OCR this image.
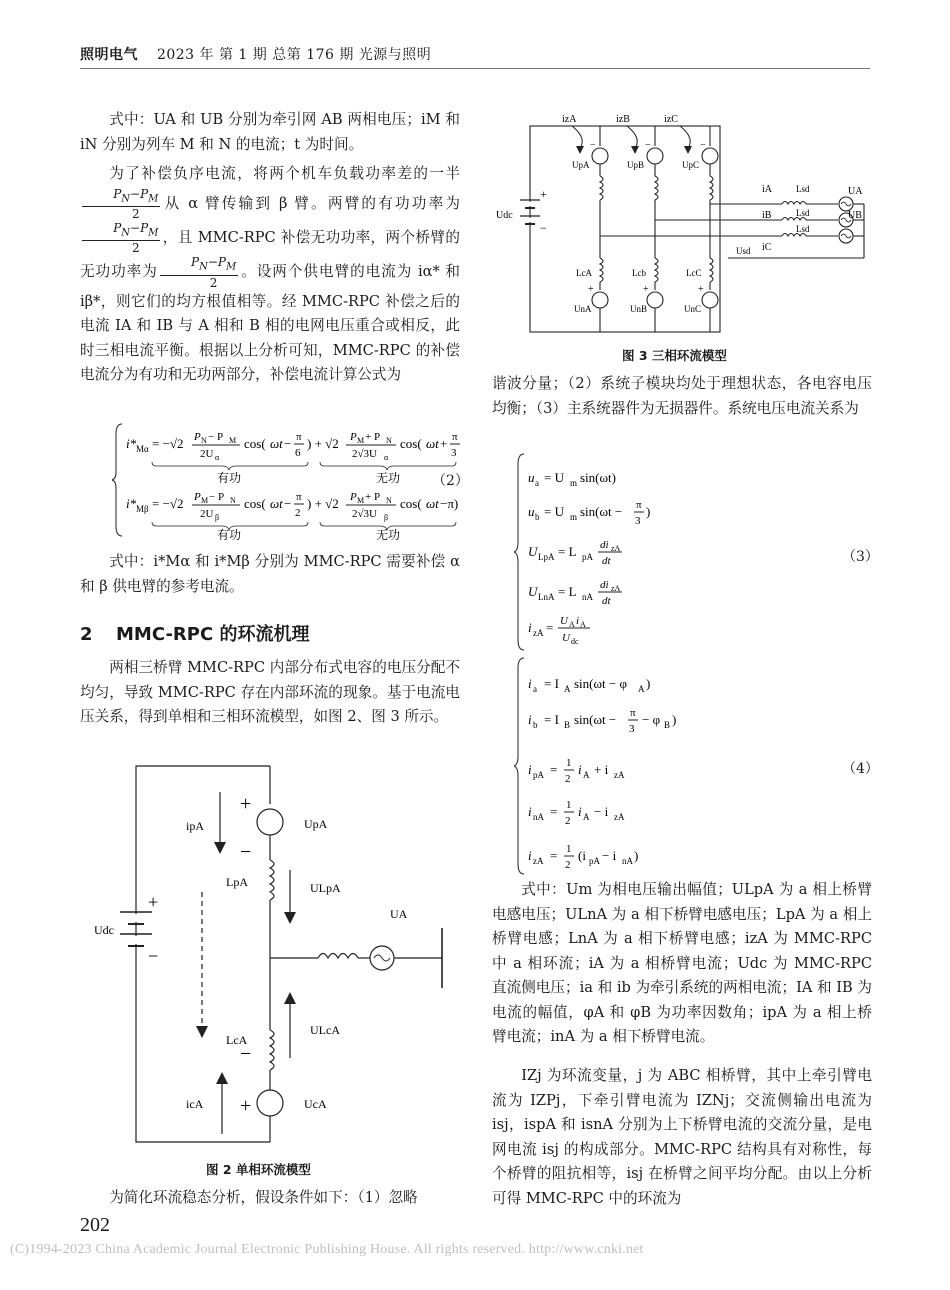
照明电气 2023 年 第 1 期 总第 176 期 光源与照明

式中：UA 和 UB 分别为牵引网 AB 两相电压；iM 和 iN 分别为列车 M 和 N 的电流；t 为时间。

为了补偿负序电流，将两个机车负载功率差的一半
$\frac{P_N-P_M}{2}$ 从 α 臂传输到 β 臂。两臂的有功功率为
$\frac{P_N-P_M}{2}$ ，且 MMC-RPC 补偿无功功率，两个桥臂的无功功率为 $\frac{P_N-P_M}{2}$ 。设两个供电臂的电流为 iα* 和 iβ*，则它们的均方根值相等。经 MMC-RPC 补偿之后的电流 IA 和 IB 与 A 相和 B 相的电网电压重合或相反，此时三相电流平衡。根据以上分析可知，MMC-RPC 的补偿电流分为有功和无功两部分，补偿电流计算公式为

i* Mα = −√2 P N − P M
2U α
cos( ωt − π
6
) + √2 P M + P N
2√3U α
cos( ωt + π
3
有功	无功
i* Mβ = −√2 P M − P N
2U β
cos( ωt − π
2
) + √2 P M + P N
2√3U β
cos( ωt −π)
有功	无功
（2）

式中：i*Mα 和 i*Mβ 分别为 MMC-RPC 需要补偿 α 和 β 供电臂的参考电流。

2 MMC-RPC 的环流机理

两相三桥臂 MMC-RPC 内部分布式电容的电压分配不均匀，导致 MMC-RPC 存在内部环流的现象。基于电流电压关系，得到单相和三相环流模型，如图 2、图 3 所示。

+
−
Udc
UA
+
−
UpA
ipA
ULpA
LpA
ULcA
LcA
−
+
icA	UcA
图 2 单相环流模型

为简化环流稳态分析，假设条件如下：（1）忽略

izA	izB	izC
+
−
Udc
UpA	UpB	UpC
−	−	−
iA
iB
iC
Lsd
Lsd
Lsd
UA
UB
Usd
LcA	Lcb	LcC
+	+	+
UnA	UnB	UnC
图 3 三相环流模型

谐波分量；（2）系统子模块均处于理想状态，各电容电压均衡；（3）主系统器件为无损器件。系统电压电流关系为

u a = U m sin(ωt)
u b = U m sin(ωt − π
3
)
U LpA = L pA
di zA
dt
U LnA = L nA
di zA
dt
i zA = U A i A
U dc
（3）
i a = I A sin(ωt − φ A )
i b = I B sin(ωt − π
3
− φ B )
i pA = 1
2
i A + i zA
i nA = 1
2
i A − i zA
i zA = 1
2
(i pA − i nA )
（4）

式中：Um 为相电压输出幅值；ULpA 为 a 相上桥臂电感电压；ULnA 为 a 相下桥臂电感电压；LpA 为 a 相上桥臂电感；LnA 为 a 相下桥臂电感；izA 为 MMC-RPC 中 a 相环流；iA 为 a 相桥臂电流；Udc 为 MMC-RPC 直流侧电压；ia 和 ib 为牵引系统的两相电流；IA 和 IB 为电流的幅值，φA 和 φB 为功率因数角；ipA 为 a 相上桥臂电流；inA 为 a 相下桥臂电流。

IZj 为环流变量，j 为 ABC 相桥臂，其中上牵引臂电流为 IZPj，下牵引臂电流为 IZNj；交流侧输出电流为 isj，ispA 和 isnA 分别为上下桥臂电流的交流分量，是电网电流 isj 的构成部分。MMC-RPC 结构具有对称性，每个桥臂的阻抗相等，isj 在桥臂之间平均分配。由以上分析可得 MMC-RPC 中的环流为

202
(C)1994-2023 China Academic Journal Electronic Publishing House. All rights reserved. http://www.cnki.net
